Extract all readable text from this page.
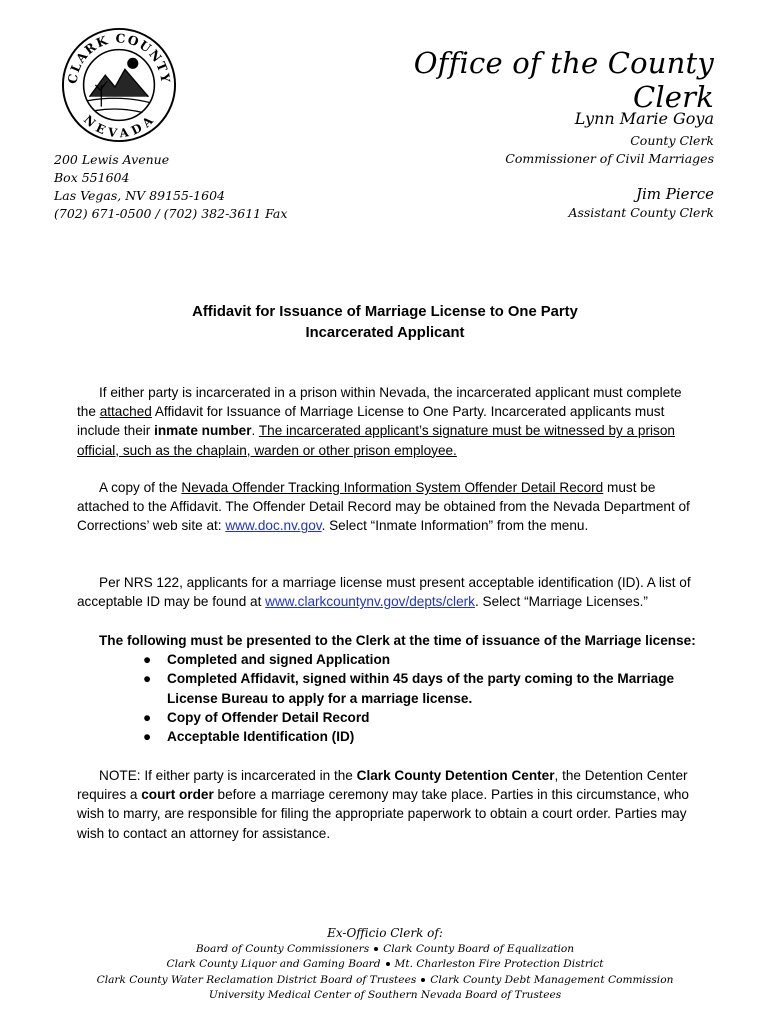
CLARK COUNTY
NEVADA
Office of the County Clerk
Lynn Marie Goya
County Clerk
Commissioner of Civil Marriages
Jim Pierce
Assistant County Clerk
200 Lewis Avenue
Box 551604
Las Vegas, NV 89155-1604
(702) 671-0500 / (702) 382-3611 Fax
Affidavit for Issuance of Marriage License to One Party
Incarcerated Applicant
If either party is incarcerated in a prison within Nevada, the incarcerated applicant must complete the attached Affidavit for Issuance of Marriage License to One Party. Incarcerated applicants must include their inmate number. The incarcerated applicant’s signature must be witnessed by a prison official, such as the chaplain, warden or other prison employee.
A copy of the Nevada Offender Tracking Information System Offender Detail Record must be attached to the Affidavit. The Offender Detail Record may be obtained from the Nevada Department of Corrections’ web site at: www.doc.nv.gov. Select “Inmate Information” from the menu.
Per NRS 122, applicants for a marriage license must present acceptable identification (ID). A list of acceptable ID may be found at www.clarkcountynv.gov/depts/clerk. Select “Marriage Licenses.”
The following must be presented to the Clerk at the time of issuance of the Marriage license:
● Completed and signed Application
● Completed Affidavit, signed within 45 days of the party coming to the Marriage License Bureau to apply for a marriage license.
● Copy of Offender Detail Record
● Acceptable Identification (ID)
NOTE: If either party is incarcerated in the Clark County Detention Center, the Detention Center requires a court order before a marriage ceremony may take place. Parties in this circumstance, who wish to marry, are responsible for filing the appropriate paperwork to obtain a court order. Parties may wish to contact an attorney for assistance.
Ex-Officio Clerk of:
Board of County Commissioners Clark County Board of Equalization
Clark County Liquor and Gaming Board Mt. Charleston Fire Protection District
Clark County Water Reclamation District Board of Trustees Clark County Debt Management Commission
University Medical Center of Southern Nevada Board of Trustees
